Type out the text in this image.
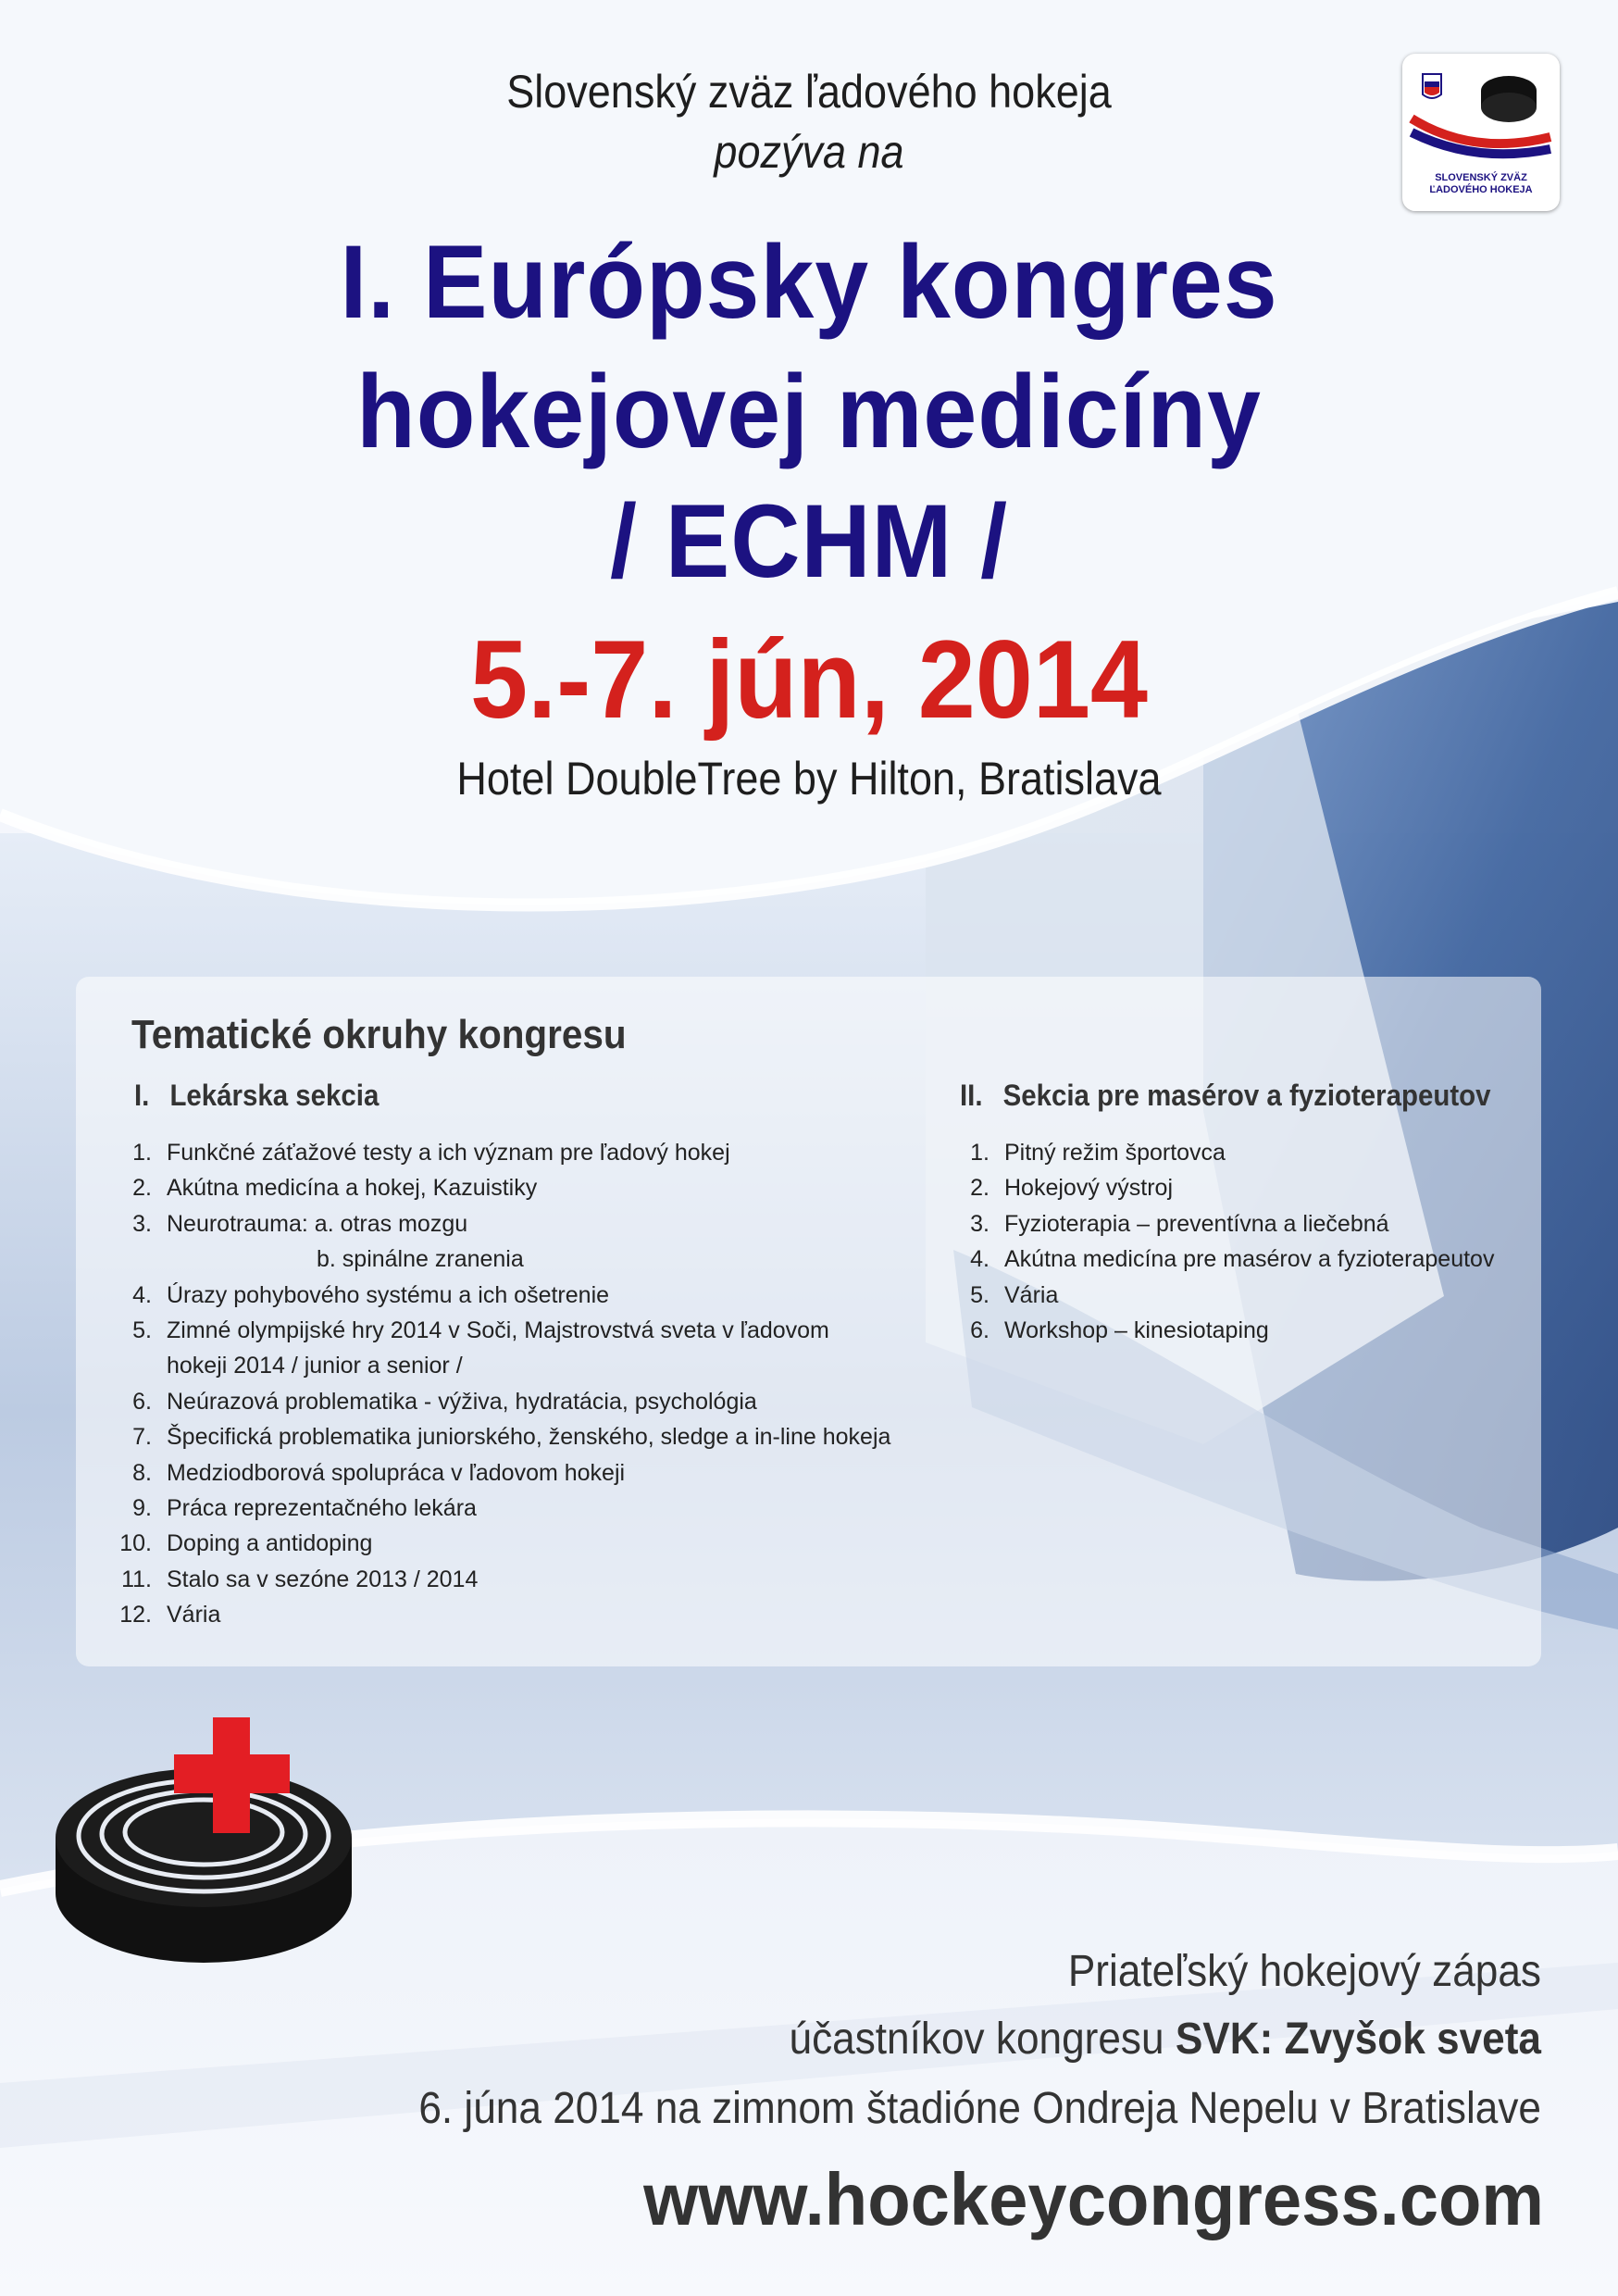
SLOVENSKÝ ZVÄZ
ĽADOVÉHO HOKEJA
Slovenský zväz ľadového hokeja
pozýva na
I. Európsky kongres
hokejovej medicíny
/ ECHM /
5.-7. jún, 2014
Hotel DoubleTree by Hilton, Bratislava
Tematické okruhy kongresu
I. Lekárska sekcia	II. Sekcia pre masérov a fyzioterapeutov
1. Funkčné záťažové testy a ich význam pre ľadový hokej
2. Akútna medicína a hokej, Kazuistiky
3. Neurotrauma: a. otras mozgu
b. spinálne zranenia
4. Úrazy pohybového systému a ich ošetrenie
5. Zimné olympijské hry 2014 v Soči, Majstrovstvá sveta v ľadovom
hokeji 2014 / junior a senior /
6. Neúrazová problematika - výživa, hydratácia, psychológia
7. Špecifická problematika juniorského, ženského, sledge a in-line hokeja
8. Medziodborová spolupráca v ľadovom hokeji
9. Práca reprezentačného lekára
10. Doping a antidoping
11. Stalo sa v sezóne 2013 / 2014
12. Vária
1. Pitný režim športovca
2. Hokejový výstroj
3. Fyzioterapia – preventívna a liečebná
4. Akútna medicína pre masérov a fyzioterapeutov
5. Vária
6. Workshop – kinesiotaping
Priateľský hokejový zápas
účastníkov kongresu SVK: Zvyšok sveta
6. júna 2014 na zimnom štadióne Ondreja Nepelu v Bratislave
www.hockeycongress.com
